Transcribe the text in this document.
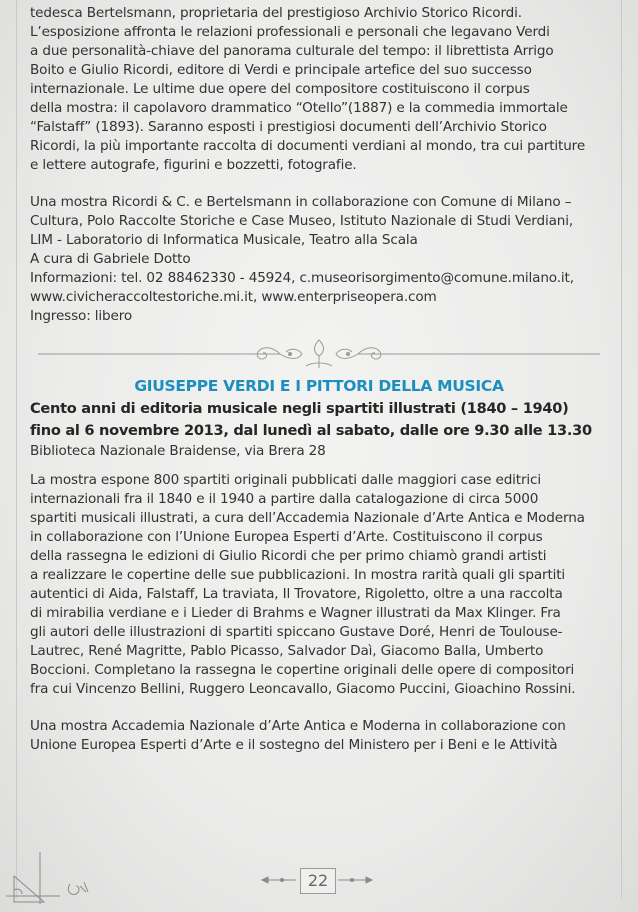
tedesca Bertelsmann, proprietaria del prestigioso Archivio Storico Ricordi.
L’esposizione affronta le relazioni professionali e personali che legavano Verdi
a due personalità-chiave del panorama culturale del tempo: il librettista Arrigo
Boito e Giulio Ricordi, editore di Verdi e principale artefice del suo successo
internazionale. Le ultime due opere del compositore costituiscono il corpus
della mostra: il capolavoro drammatico “Otello”(1887) e la commedia immortale
“Falstaff” (1893). Saranno esposti i prestigiosi documenti dell’Archivio Storico
Ricordi, la più importante raccolta di documenti verdiani al mondo, tra cui partiture
e lettere autografe, figurini e bozzetti, fotografie.

Una mostra Ricordi & C. e Bertelsmann in collaborazione con Comune di Milano –
Cultura, Polo Raccolte Storiche e Case Museo, Istituto Nazionale di Studi Verdiani,
LIM - Laboratorio di Informatica Musicale, Teatro alla Scala
A cura di Gabriele Dotto
Informazioni: tel. 02 88462330 - 45924, c.museorisorgimento@comune.milano.it,
www.civicheraccoltestoriche.mi.it, www.enterpriseopera.com
Ingresso: libero

GIUSEPPE VERDI E I PITTORI DELLA MUSICA
Cento anni di editoria musicale negli spartiti illustrati (1840 – 1940)
fino al 6 novembre 2013, dal lunedì al sabato, dalle ore 9.30 alle 13.30

Biblioteca Nazionale Braidense, via Brera 28

La mostra espone 800 spartiti originali pubblicati dalle maggiori case editrici
internazionali fra il 1840 e il 1940 a partire dalla catalogazione di circa 5000
spartiti musicali illustrati, a cura dell’Accademia Nazionale d’Arte Antica e Moderna
in collaborazione con l’Unione Europea Esperti d’Arte. Costituiscono il corpus
della rassegna le edizioni di Giulio Ricordi che per primo chiamò grandi artisti
a realizzare le copertine delle sue pubblicazioni. In mostra rarità quali gli spartiti
autentici di Aida, Falstaff, La traviata, Il Trovatore, Rigoletto, oltre a una raccolta
di mirabilia verdiane e i Lieder di Brahms e Wagner illustrati da Max Klinger. Fra
gli autori delle illustrazioni di spartiti spiccano Gustave Doré, Henri de Toulouse-
Lautrec, René Magritte, Pablo Picasso, Salvador Daì, Giacomo Balla, Umberto
Boccioni. Completano la rassegna le copertine originali delle opere di compositori
fra cui Vincenzo Bellini, Ruggero Leoncavallo, Giacomo Puccini, Gioachino Rossini.

Una mostra Accademia Nazionale d’Arte Antica e Moderna in collaborazione con
Unione Europea Esperti d’Arte e il sostegno del Ministero per i Beni e le Attività

22
